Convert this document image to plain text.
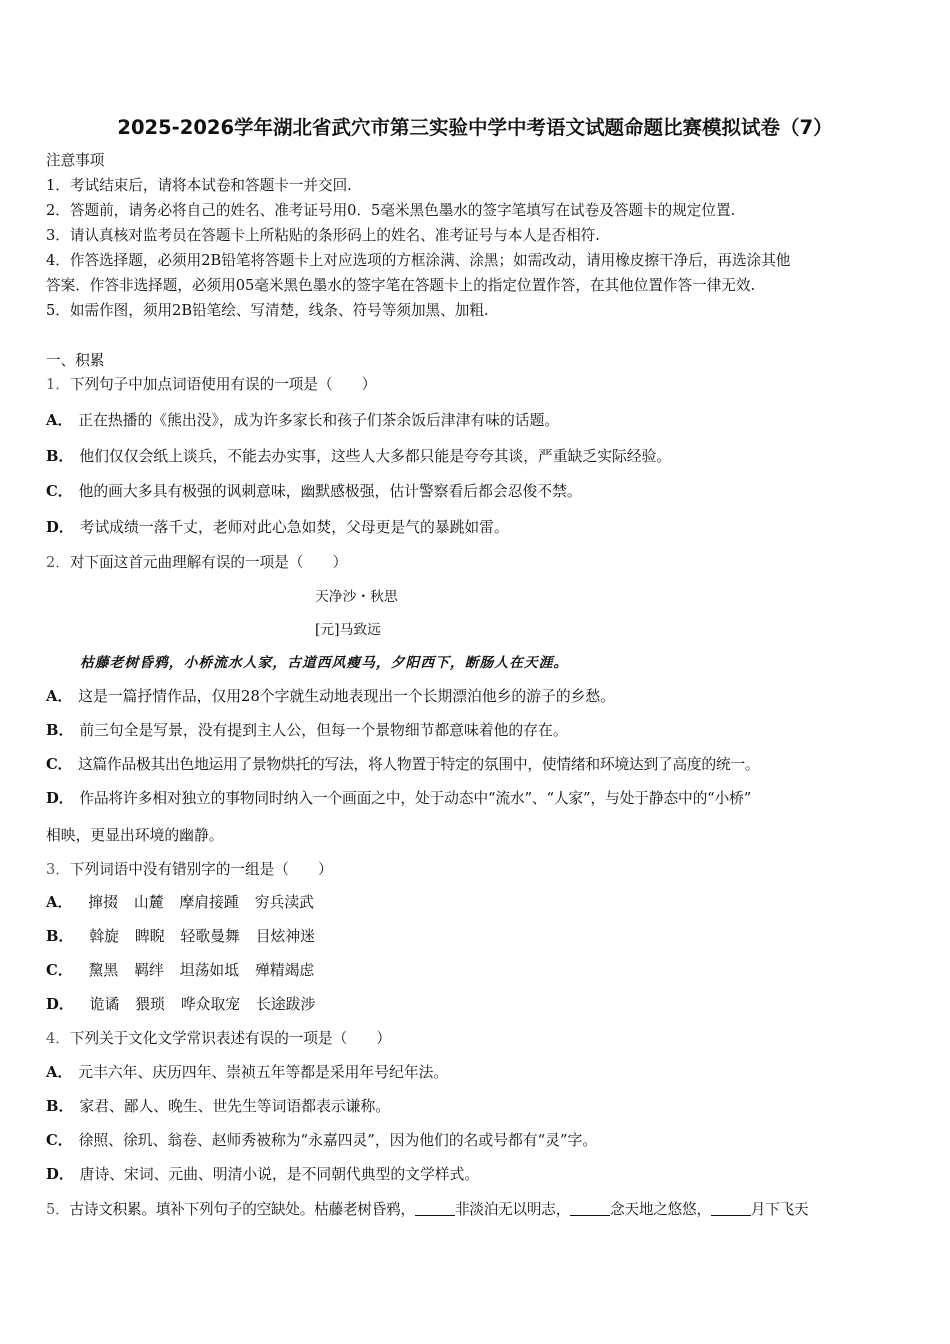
2025-2026学年湖北省武穴市第三实验中学中考语文试题命题比赛模拟试卷（7）
注意事项
1．考试结束后，请将本试卷和答题卡一并交回.
2．答题前，请务必将自己的姓名、准考证号用0．5毫米黑色墨水的签字笔填写在试卷及答题卡的规定位置.
3．请认真核对监考员在答题卡上所粘贴的条形码上的姓名、准考证号与本人是否相符.
4．作答选择题，必须用2B铅笔将答题卡上对应选项的方框涂满、涂黑；如需改动，请用橡皮擦干净后，再选涂其他
答案．作答非选择题，必须用05毫米黑色墨水的签字笔在答题卡上的指定位置作答，在其他位置作答一律无效.
5．如需作图，须用2B铅笔绘、写清楚，线条、符号等须加黑、加粗.
一、积累
1．下列句子中加点词语使用有误的一项是（　　）
A． 正在热播的《熊出没》，成为许多家长和孩子们茶余饭后津津有味的话题。
B． 他们仅仅会纸上谈兵，不能去办实事，这些人大多都只能是夸夸其谈，严重缺乏实际经验。
C． 他的画大多具有极强的讽刺意味，幽默感极强，估计警察看后都会忍俊不禁。
D． 考试成绩一落千丈，老师对此心急如焚，父母更是气的暴跳如雷。
2．对下面这首元曲理解有误的一项是（　　）
天净沙・秋思
[元]马致远
枯藤老树昏鸦，小桥流水人家，古道西风瘦马，夕阳西下，断肠人在天涯。
A． 这是一篇抒情作品，仅用28个字就生动地表现出一个长期漂泊他乡的游子的乡愁。
B． 前三句全是写景，没有提到主人公，但每一个景物细节都意味着他的存在。
C． 这篇作品极其出色地运用了景物烘托的写法，将人物置于特定的氛围中，使情绪和环境达到了高度的统一。
D． 作品将许多相对独立的事物同时纳入一个画面之中，处于动态中“流水”、“人家”，与处于静态中的“小桥”
相映，更显出环境的幽静。
3．下列词语中没有错别字的一组是（　　）
A． 撺掇 山麓 摩肩接踵 穷兵渎武
B． 斡旋 睥睨 轻歌曼舞 目炫神迷
C． 黧黑 羁绊 坦荡如坻 殚精竭虑
D． 诡谲 猥琐 哗众取宠 长途跋涉
4．下列关于文化文学常识表述有误的一项是（　　）
A． 元丰六年、庆历四年、崇祯五年等都是采用年号纪年法。
B． 家君、鄙人、晚生、世先生等词语都表示谦称。
C． 徐照、徐玑、翁卷、赵师秀被称为“永嘉四灵”，因为他们的名或号都有“灵”字。
D． 唐诗、宋词、元曲、明清小说，是不同朝代典型的文学样式。
5．古诗文积累。填补下列句子的空缺处。枯藤老树昏鸦，	非淡泊无以明志，	念天地之悠悠，	月下飞天
